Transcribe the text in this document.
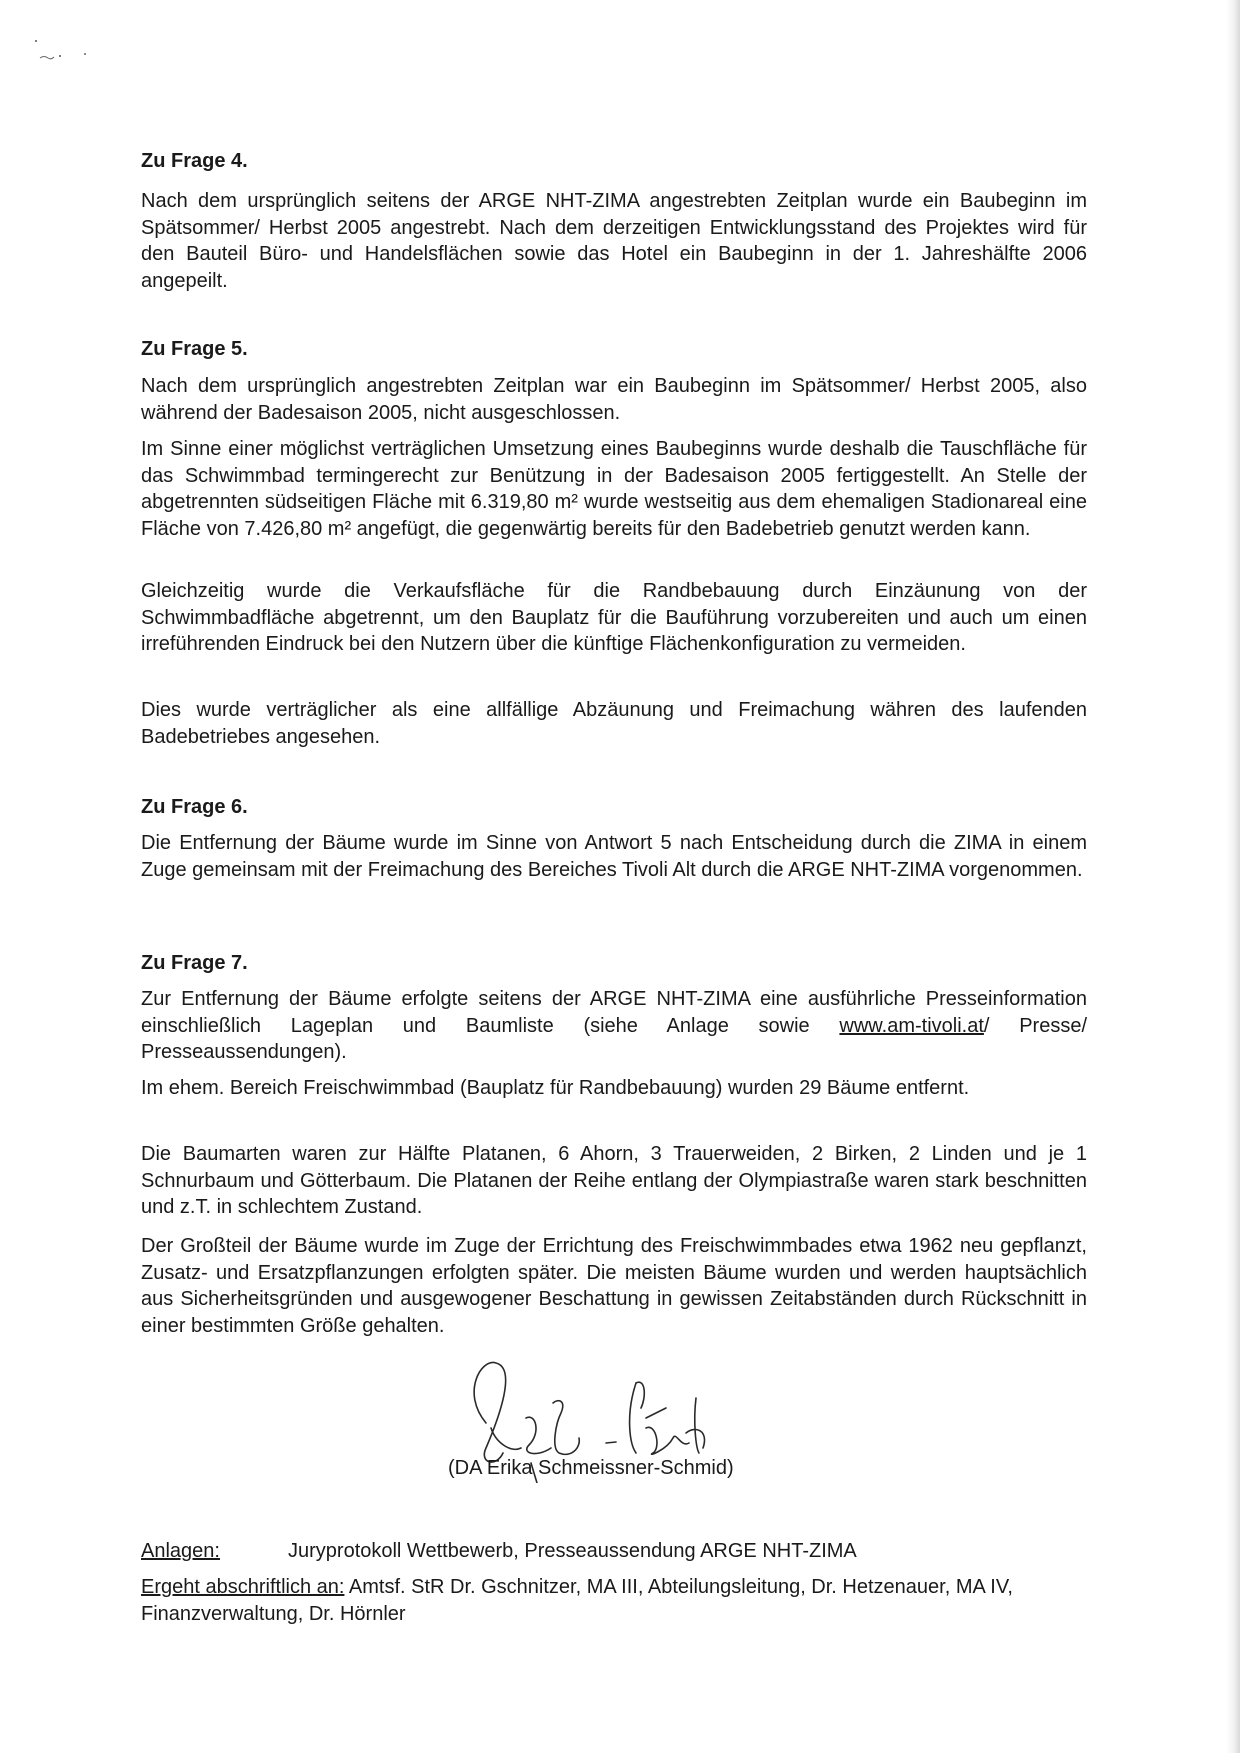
Zu Frage 4.

Nach dem ursprünglich seitens der ARGE NHT-ZIMA angestrebten Zeitplan wurde ein Baubeginn im Spätsommer/ Herbst 2005 angestrebt. Nach dem derzeitigen Entwicklungsstand des Projektes wird für den Bauteil Büro- und Handelsflächen sowie das Hotel ein Baubeginn in der 1. Jahreshälfte 2006 angepeilt.

Zu Frage 5.

Nach dem ursprünglich angestrebten Zeitplan war ein Baubeginn im Spätsommer/ Herbst 2005, also während der Badesaison 2005, nicht ausgeschlossen.

Im Sinne einer möglichst verträglichen Umsetzung eines Baubeginns wurde deshalb die Tauschfläche für das Schwimmbad termingerecht zur Benützung in der Badesaison 2005 fertiggestellt. An Stelle der abgetrennten südseitigen Fläche mit 6.319,80 m² wurde westseitig aus dem ehemaligen Stadionareal eine Fläche von 7.426,80 m² angefügt, die gegenwärtig bereits für den Badebetrieb genutzt werden kann.

Gleichzeitig wurde die Verkaufsfläche für die Randbebauung durch Einzäunung von der Schwimmbadfläche abgetrennt, um den Bauplatz für die Bauführung vorzubereiten und auch um einen irreführenden Eindruck bei den Nutzern über die künftige Flächenkonfiguration zu vermeiden.

Dies wurde verträglicher als eine allfällige Abzäunung und Freimachung währen des laufenden Badebetriebes angesehen.

Zu Frage 6.

Die Entfernung der Bäume wurde im Sinne von Antwort 5 nach Entscheidung durch die ZIMA in einem Zuge gemeinsam mit der Freimachung des Bereiches Tivoli Alt durch die ARGE NHT-ZIMA vorgenommen.

Zu Frage 7.

Zur Entfernung der Bäume erfolgte seitens der ARGE NHT-ZIMA eine ausführliche Presseinformation einschließlich Lageplan und Baumliste (siehe Anlage sowie www.am-tivoli.at/ Presse/ Presseaussendungen).

Im ehem. Bereich Freischwimmbad (Bauplatz für Randbebauung) wurden 29 Bäume entfernt.

Die Baumarten waren zur Hälfte Platanen, 6 Ahorn, 3 Trauerweiden, 2 Birken, 2 Linden und je 1 Schnurbaum und Götterbaum. Die Platanen der Reihe entlang der Olympiastraße waren stark beschnitten und z.T. in schlechtem Zustand.

Der Großteil der Bäume wurde im Zuge der Errichtung des Freischwimmbades etwa 1962 neu gepflanzt, Zusatz- und Ersatzpflanzungen erfolgten später. Die meisten Bäume wurden und werden hauptsächlich aus Sicherheitsgründen und ausgewogener Beschattung in gewissen Zeitabständen durch Rückschnitt in einer bestimmten Größe gehalten.

(DA Erika Schmeissner-Schmid)
Anlagen:	Juryprotokoll Wettbewerb, Presseaussendung ARGE NHT-ZIMA
Ergeht abschriftlich an: Amtsf. StR Dr. Gschnitzer, MA III, Abteilungsleitung, Dr. Hetzenauer, MA IV, Finanzverwaltung, Dr. Hörnler
